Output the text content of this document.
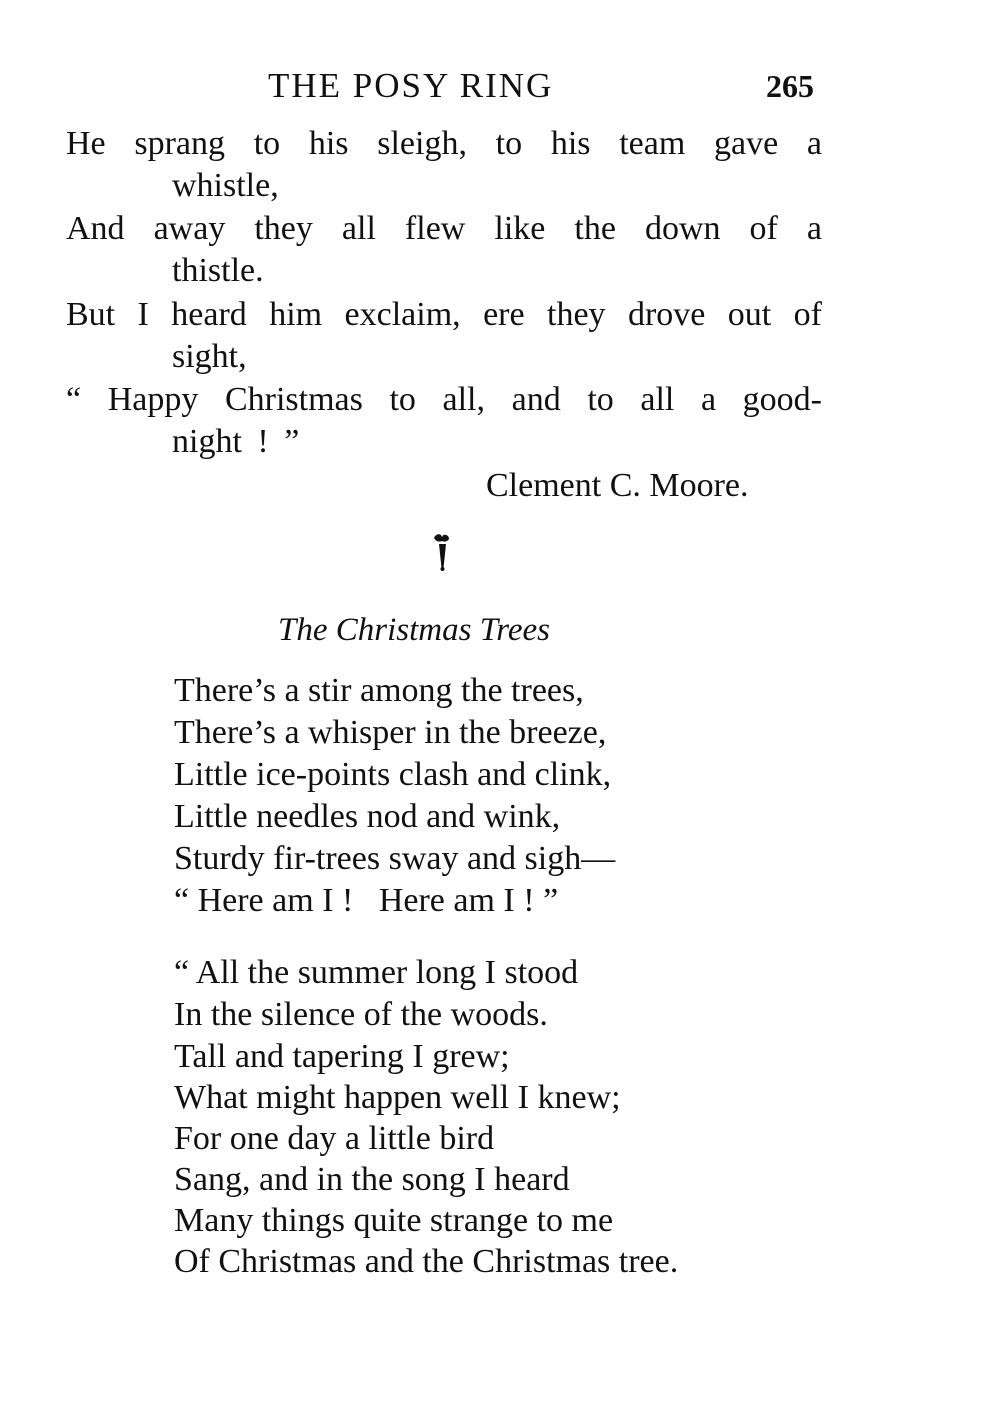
THE POSY RING	265
He sprang to his sleigh, to his team gave a
whistle,
And away they all flew like the down of a
thistle.
But I heard him exclaim, ere they drove out of
sight,
“ Happy Christmas to all, and to all a good-
night ! ”
Clement C. Moore.
The Christmas Trees
There’s a stir among the trees,
There’s a whisper in the breeze,
Little ice-points clash and clink,
Little needles nod and wink,
Sturdy fir-trees sway and sigh—
“ Here am I !   Here am I ! ”
“ All the summer long I stood
In the silence of the woods.
Tall and tapering I grew;
What might happen well I knew;
For one day a little bird
Sang, and in the song I heard
Many things quite strange to me
Of Christmas and the Christmas tree.
